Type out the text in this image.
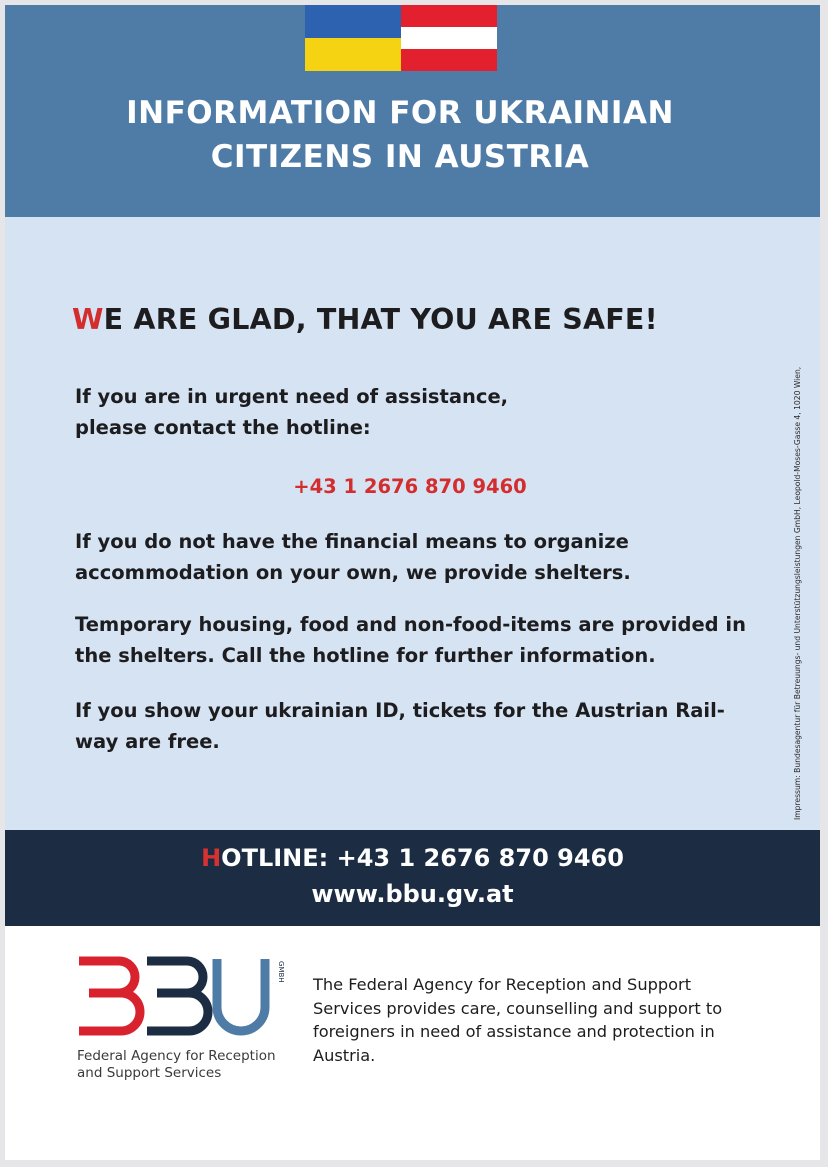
INFORMATION FOR UKRAINIAN
CITIZENS IN AUSTRIA
Impressum: Bundesagentur für Betreuungs- und Unterstützungsleistungen GmbH, Leopold-Moses-Gasse 4, 1020 Wien,
WE ARE GLAD, THAT YOU ARE SAFE!
If you are in urgent need of assistance,
please contact the hotline:
+43 1 2676 870 9460
If you do not have the financial means to organize
accommodation on your own, we provide shelters.
Temporary housing, food and non-food-items are provided in
the shelters. Call the hotline for further information.
If you show your ukrainian ID, tickets for the Austrian Rail-
way are free.
HOTLINE: +43 1 2676 870 9460
www.bbu.gv.at
GMBH
BBU
Federal Agency for Reception
and Support Services
The Federal Agency for Reception and Support
Services provides care, counselling and support to
foreigners in need of assistance and protection in
Austria.
